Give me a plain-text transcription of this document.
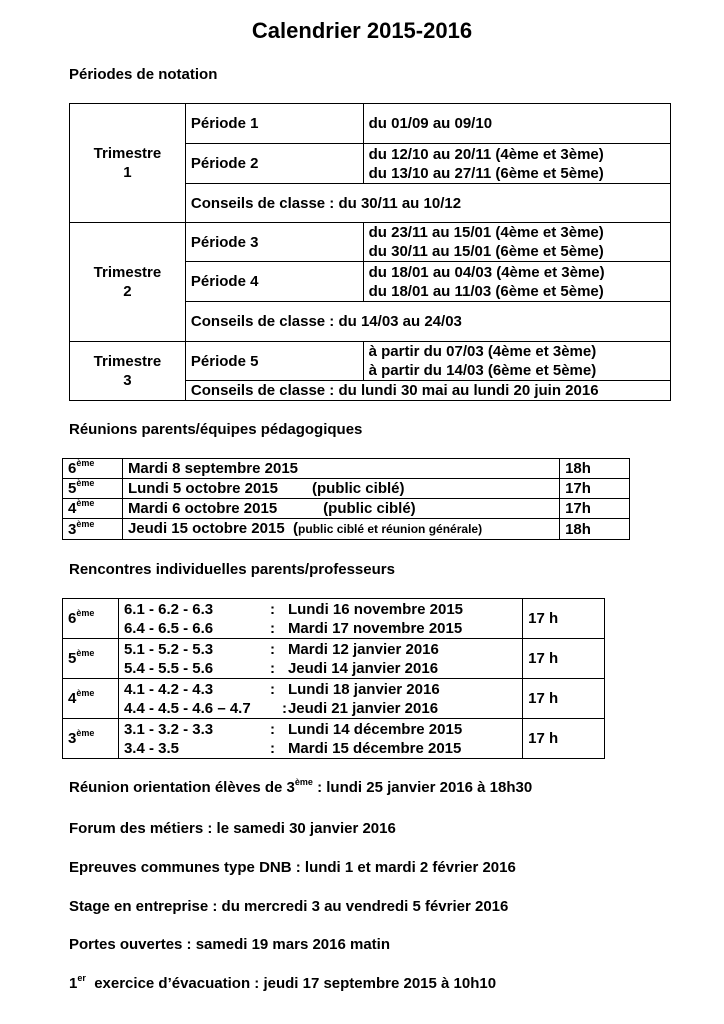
Calendrier 2015-2016
Périodes de notation
Trimestre
1	Période 1	du 01/09 au 09/10

	Période 2	du 12/10 au 20/11 (4ème et 3ème)
du 13/10 au 27/11 (6ème et 5ème)

	Conseils de classe : du 30/11 au 10/12	

Trimestre
2	Période 3	du 23/11 au 15/01 (4ème et 3ème)
du 30/11 au 15/01 (6ème et 5ème)

	Période 4	du 18/01 au 04/03 (4ème et 3ème)
du 18/01 au 11/03 (6ème et 5ème)

	Conseils de classe : du 14/03 au 24/03	

Trimestre
3	Période 5	à partir du 07/03 (4ème et 3ème)
à partir du 14/03 (6ème et 5ème)

	Conseils de classe : du lundi 30 mai au lundi 20 juin 2016	
Réunions parents/équipes pédagogiques
6ème	Mardi 8 septembre 2015	18h
5ème	Lundi 5 octobre 2015 (public ciblé)	17h
4ème	Mardi 6 octobre 2015 (public ciblé)	17h
3ème	Jeudi 15 octobre 2015 (public ciblé et réunion générale)	18h
Rencontres individuelles parents/professeurs
6ème	6.1 - 6.2 - 6.3 : Lundi 16 novembre 2015
6.4 - 6.5 - 6.6 : Mardi 17 novembre 2015	17 h
5ème	5.1 - 5.2 - 5.3 : Mardi 12 janvier 2016
5.4 - 5.5 - 5.6 : Jeudi 14 janvier 2016	17 h
4ème	4.1 - 4.2 - 4.3 : Lundi 18 janvier 2016
4.4 - 4.5 - 4.6 – 4.7 :Jeudi 21 janvier 2016	17 h
3ème	3.1 - 3.2 - 3.3 : Lundi 14 décembre 2015
3.4 - 3.5 : Mardi 15 décembre 2015	17 h
Réunion orientation élèves de 3ème : lundi 25 janvier 2016 à 18h30
Forum des métiers : le samedi 30 janvier 2016
Epreuves communes type DNB : lundi 1 et mardi 2 février 2016
Stage en entreprise : du mercredi 3 au vendredi 5 février 2016
Portes ouvertes : samedi 19 mars 2016 matin
1er  exercice d’évacuation : jeudi 17 septembre 2015 à 10h10
